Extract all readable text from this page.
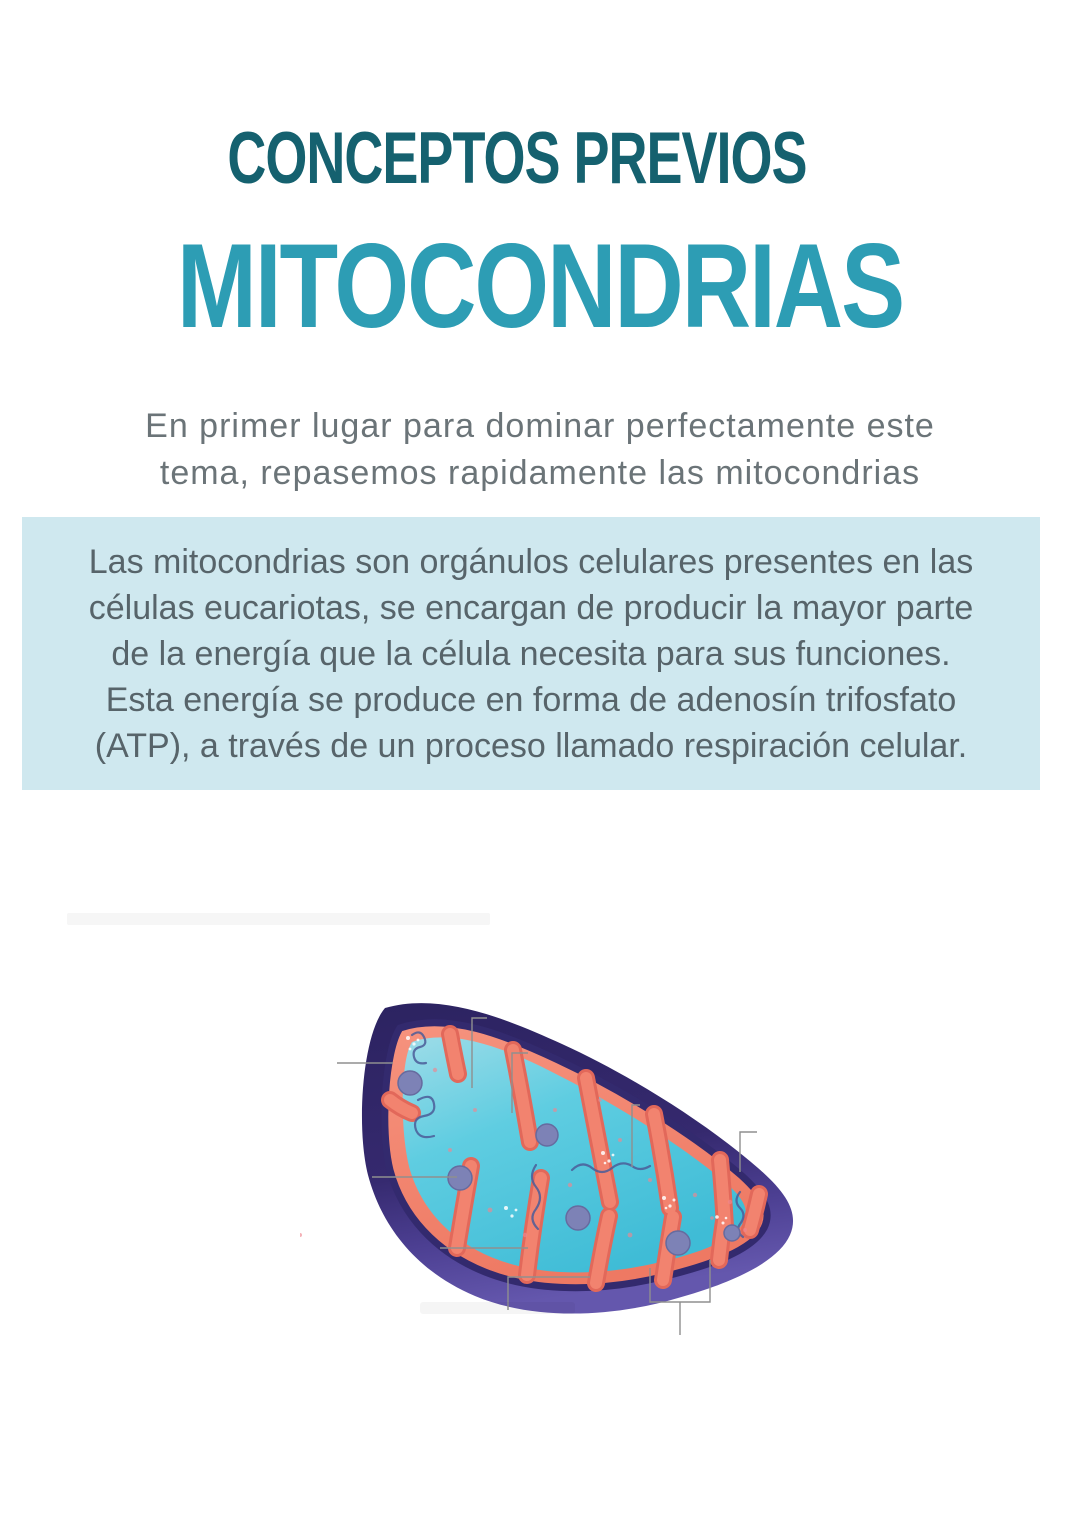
CONCEPTOS PREVIOS
MITOCONDRIAS
En primer lugar para dominar perfectamente este
tema, repasemos rapidamente las mitocondrias
Las mitocondrias son orgánulos celulares presentes en las
células eucariotas, se encargan de producir la mayor parte
de la energía que la célula necesita para sus funciones.
Esta energía se produce en forma de adenosín trifosfato
(ATP), a través de un proceso llamado respiración celular.
